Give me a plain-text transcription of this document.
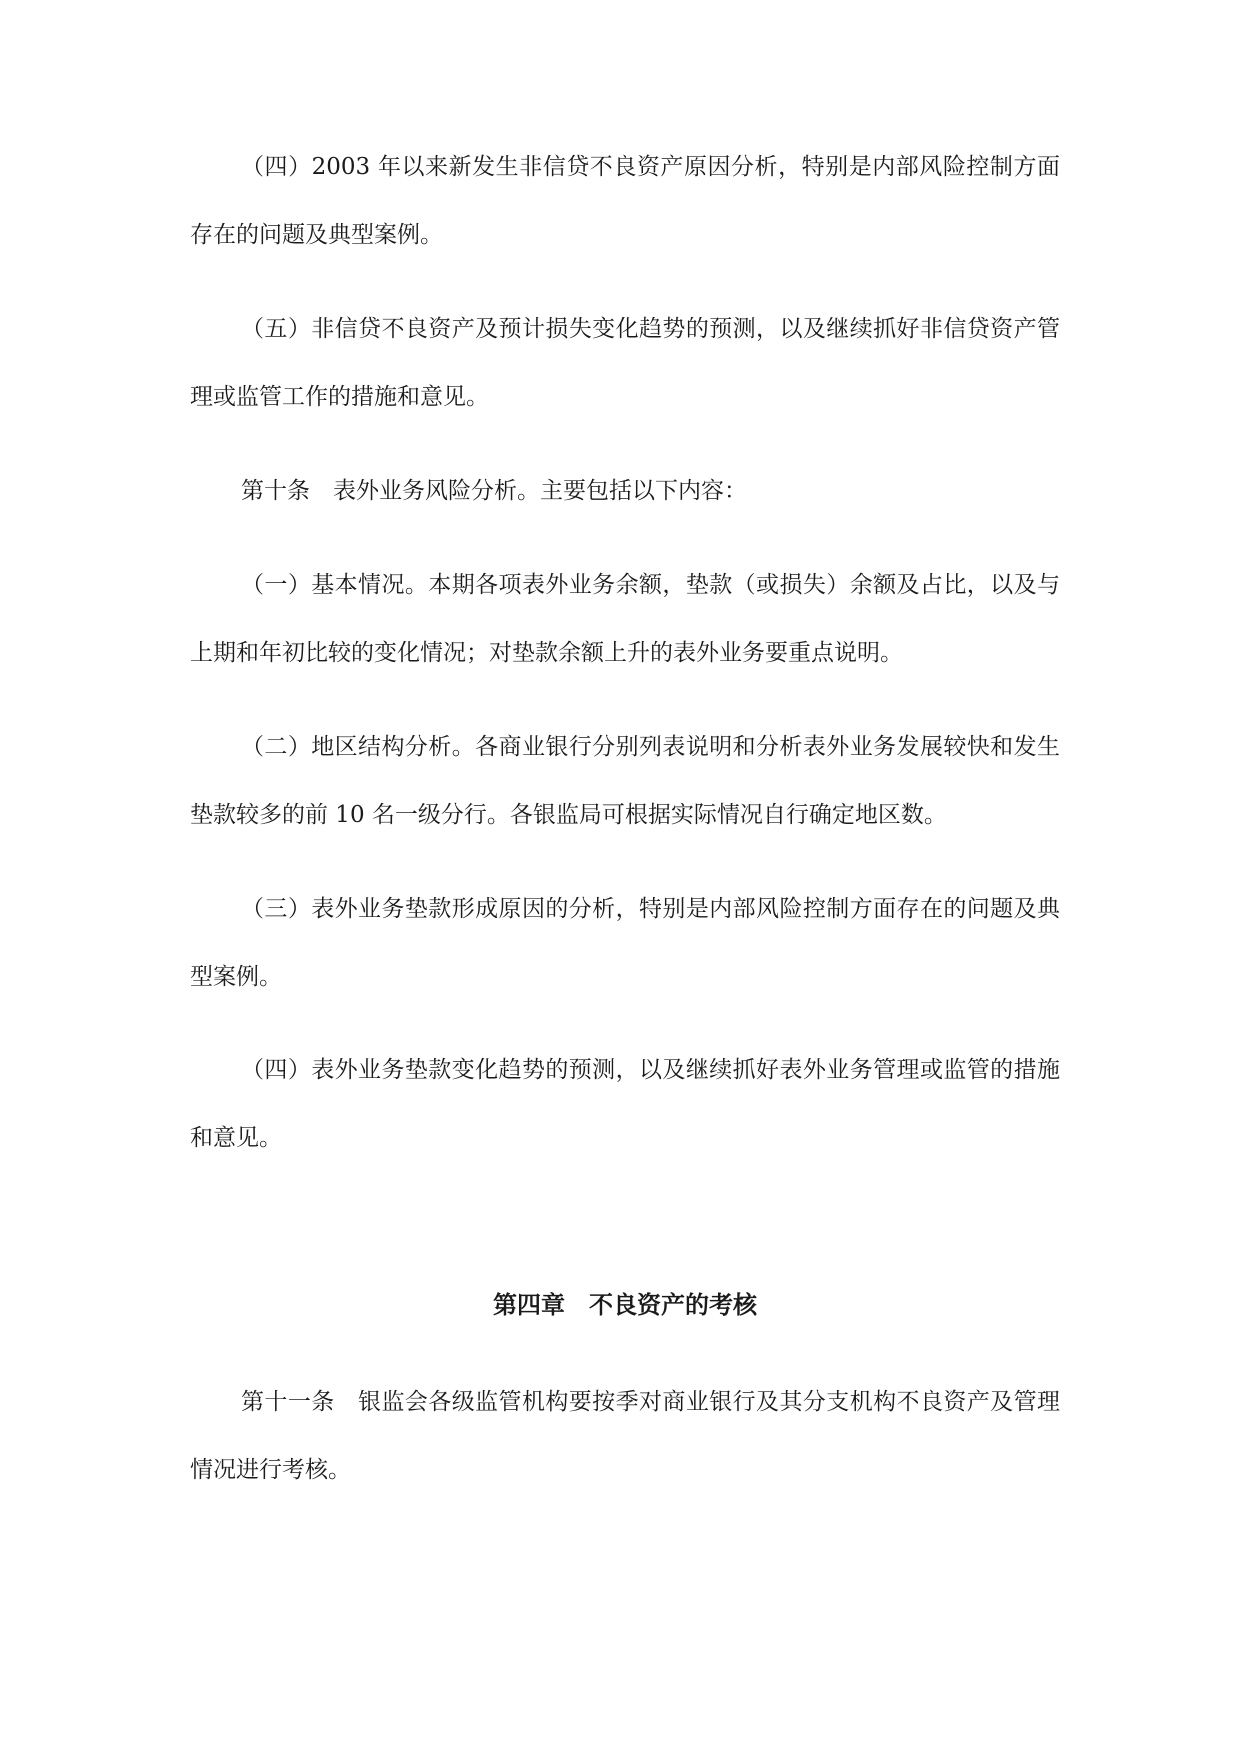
（四）2003 年以来新发生非信贷不良资产原因分析，特别是内部风险控制方面存在的问题及典型案例。

（五）非信贷不良资产及预计损失变化趋势的预测，以及继续抓好非信贷资产管理或监管工作的措施和意见。

第十条　表外业务风险分析。主要包括以下内容：

（一）基本情况。本期各项表外业务余额，垫款（或损失）余额及占比，以及与上期和年初比较的变化情况；对垫款余额上升的表外业务要重点说明。

（二）地区结构分析。各商业银行分别列表说明和分析表外业务发展较快和发生垫款较多的前 10 名一级分行。各银监局可根据实际情况自行确定地区数。

（三）表外业务垫款形成原因的分析，特别是内部风险控制方面存在的问题及典型案例。

（四）表外业务垫款变化趋势的预测，以及继续抓好表外业务管理或监管的措施和意见。

第四章　不良资产的考核

第十一条　银监会各级监管机构要按季对商业银行及其分支机构不良资产及管理情况进行考核。
